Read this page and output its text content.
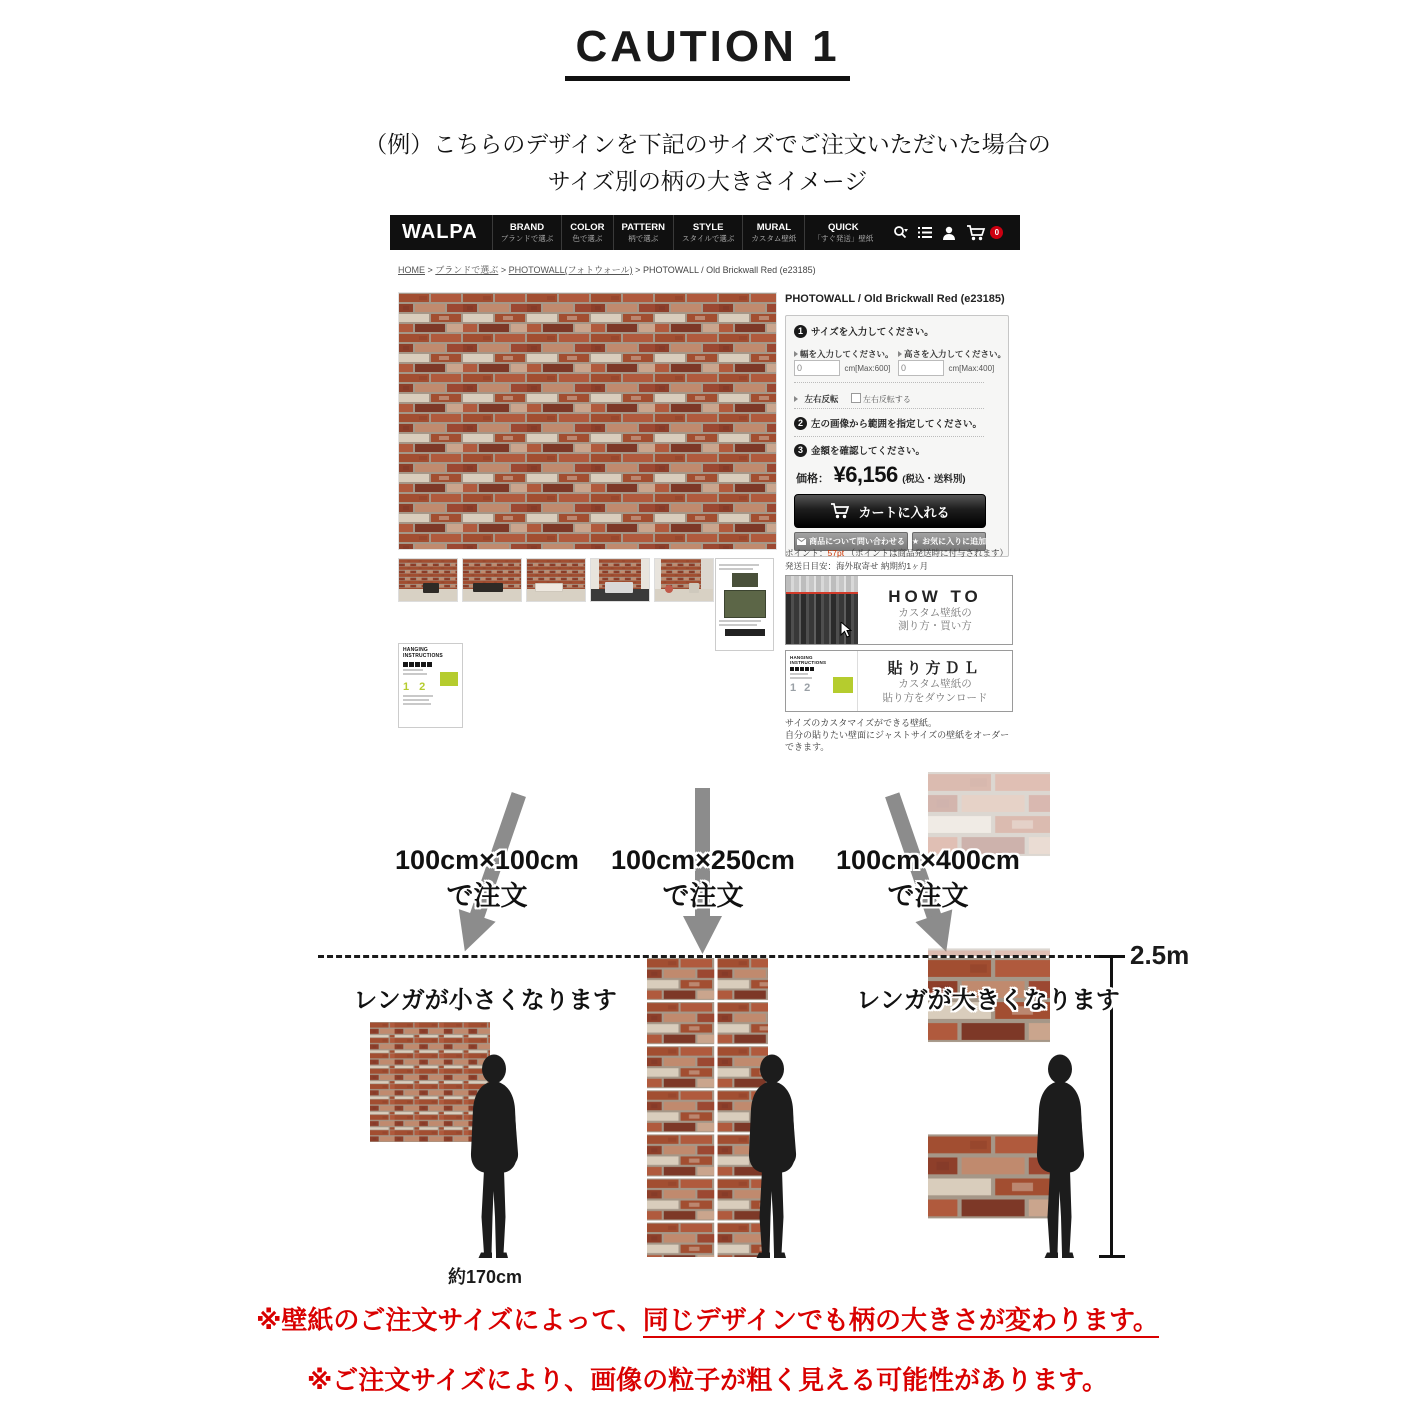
CAUTION 1
（例）こちらのデザインを下記のサイズでご注文いただいた場合の
サイズ別の柄の大きさイメージ
WALPA	BRAND
ブランドで選ぶ
COLOR
色で選ぶ
PATTERN
柄で選ぶ
STYLE
スタイルで選ぶ
MURAL
カスタム壁紙
QUICK
「すぐ発送」壁紙
0
HOME > ブランドで選ぶ > PHOTOWALL(フォトウォール) > PHOTOWALL / Old Brickwall Red (e23185)
HANGING
INSTRUCTIONS
1 2
PHOTOWALL / Old Brickwall Red (e23185)
1 サイズを入力してください。
幅を入力してください。	高さを入力してください。
0 cm[Max:600]
0	cm[Max:400]
左右反転	左右反転する
2 左の画像から範囲を指定してください。
3 金額を確認してください。
価格： ¥6,156 (税込・送料別)
カートに入れる
商品について問い合わせる ★ お気に入りに追加
ポイント：57pt （ポイントは商品発送時に付与されます）
発送日目安：海外取寄せ 納期約1ヶ月
HOW TO
カスタム壁紙の
測り方・買い方
HANGING
INSTRUCTIONS
1 2
貼り方ＤＬ
カスタム壁紙の
貼り方をダウンロード
サイズのカスタマイズができる壁紙。
自分の貼りたい壁面にジャストサイズの壁紙をオーダーできます。
100cm×100cm
で注文
100cm×250cm
で注文
100cm×400cm
で注文
レンガが小さくなります
約170cm
レンガが大きくなります
2.5m
※壁紙のご注文サイズによって、同じデザインでも柄の大きさが変わります。
※ご注文サイズにより、画像の粒子が粗く見える可能性があります。
